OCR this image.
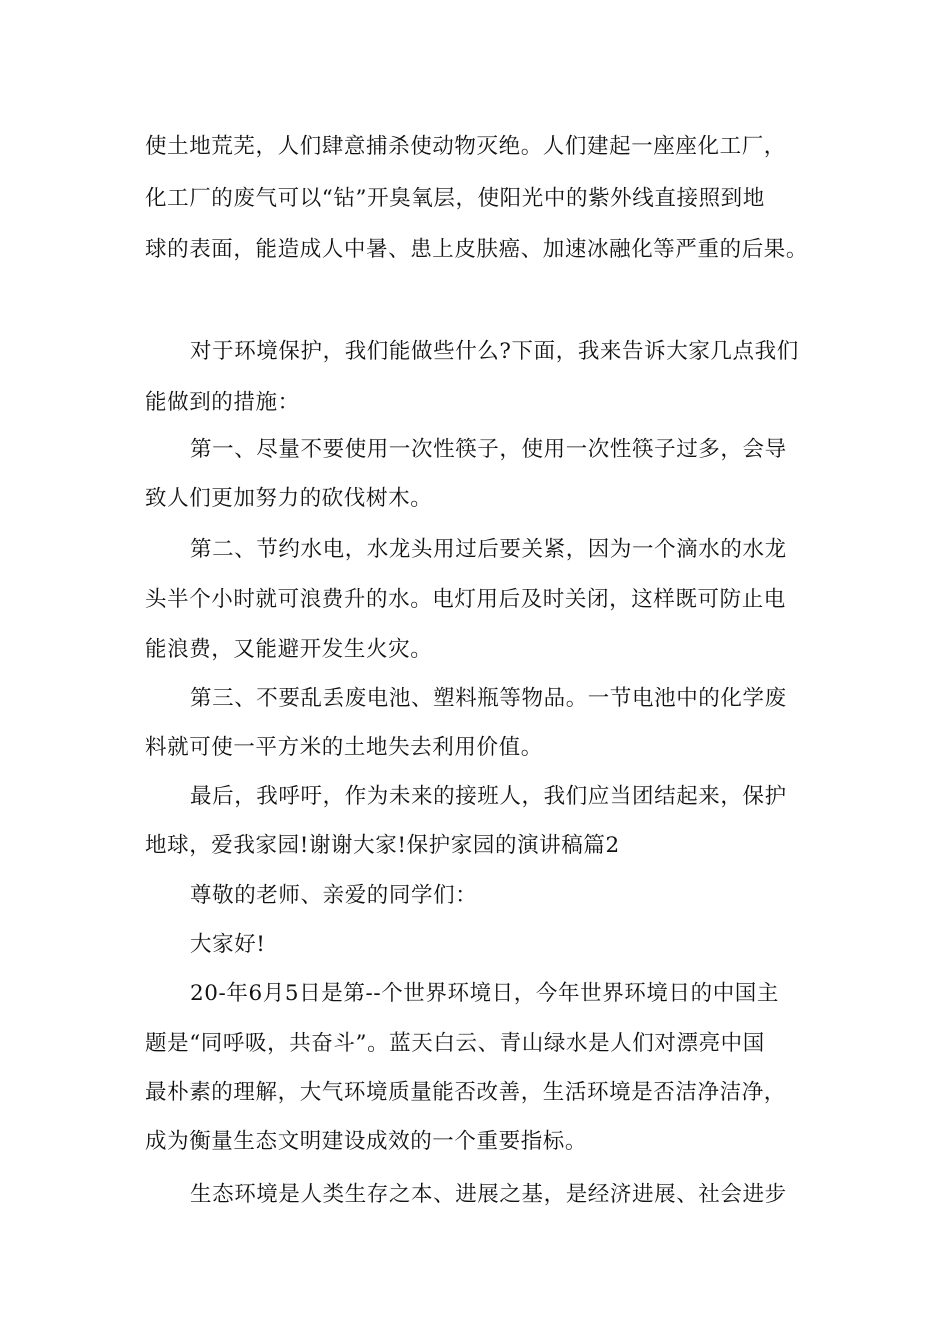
使土地荒芜，人们肆意捕杀使动物灭绝。人们建起一座座化工厂，
化工厂的废气可以“钻”开臭氧层，使阳光中的紫外线直接照到地
球的表面，能造成人中暑、患上皮肤癌、加速冰融化等严重的后果。
对于环境保护，我们能做些什么?下面，我来告诉大家几点我们
能做到的措施：
第一、尽量不要使用一次性筷子，使用一次性筷子过多，会导
致人们更加努力的砍伐树木。
第二、节约水电，水龙头用过后要关紧，因为一个滴水的水龙
头半个小时就可浪费升的水。电灯用后及时关闭，这样既可防止电
能浪费，又能避开发生火灾。
第三、不要乱丢废电池、塑料瓶等物品。一节电池中的化学废
料就可使一平方米的土地失去利用价值。
最后，我呼吁，作为未来的接班人，我们应当团结起来，保护
地球，爱我家园!谢谢大家!保护家园的演讲稿篇2
尊敬的老师、亲爱的同学们：
大家好!
20-年6月5日是第--个世界环境日，今年世界环境日的中国主
题是“同呼吸，共奋斗”。蓝天白云、青山绿水是人们对漂亮中国
最朴素的理解，大气环境质量能否改善，生活环境是否洁净洁净，
成为衡量生态文明建设成效的一个重要指标。
生态环境是人类生存之本、进展之基，是经济进展、社会进步
